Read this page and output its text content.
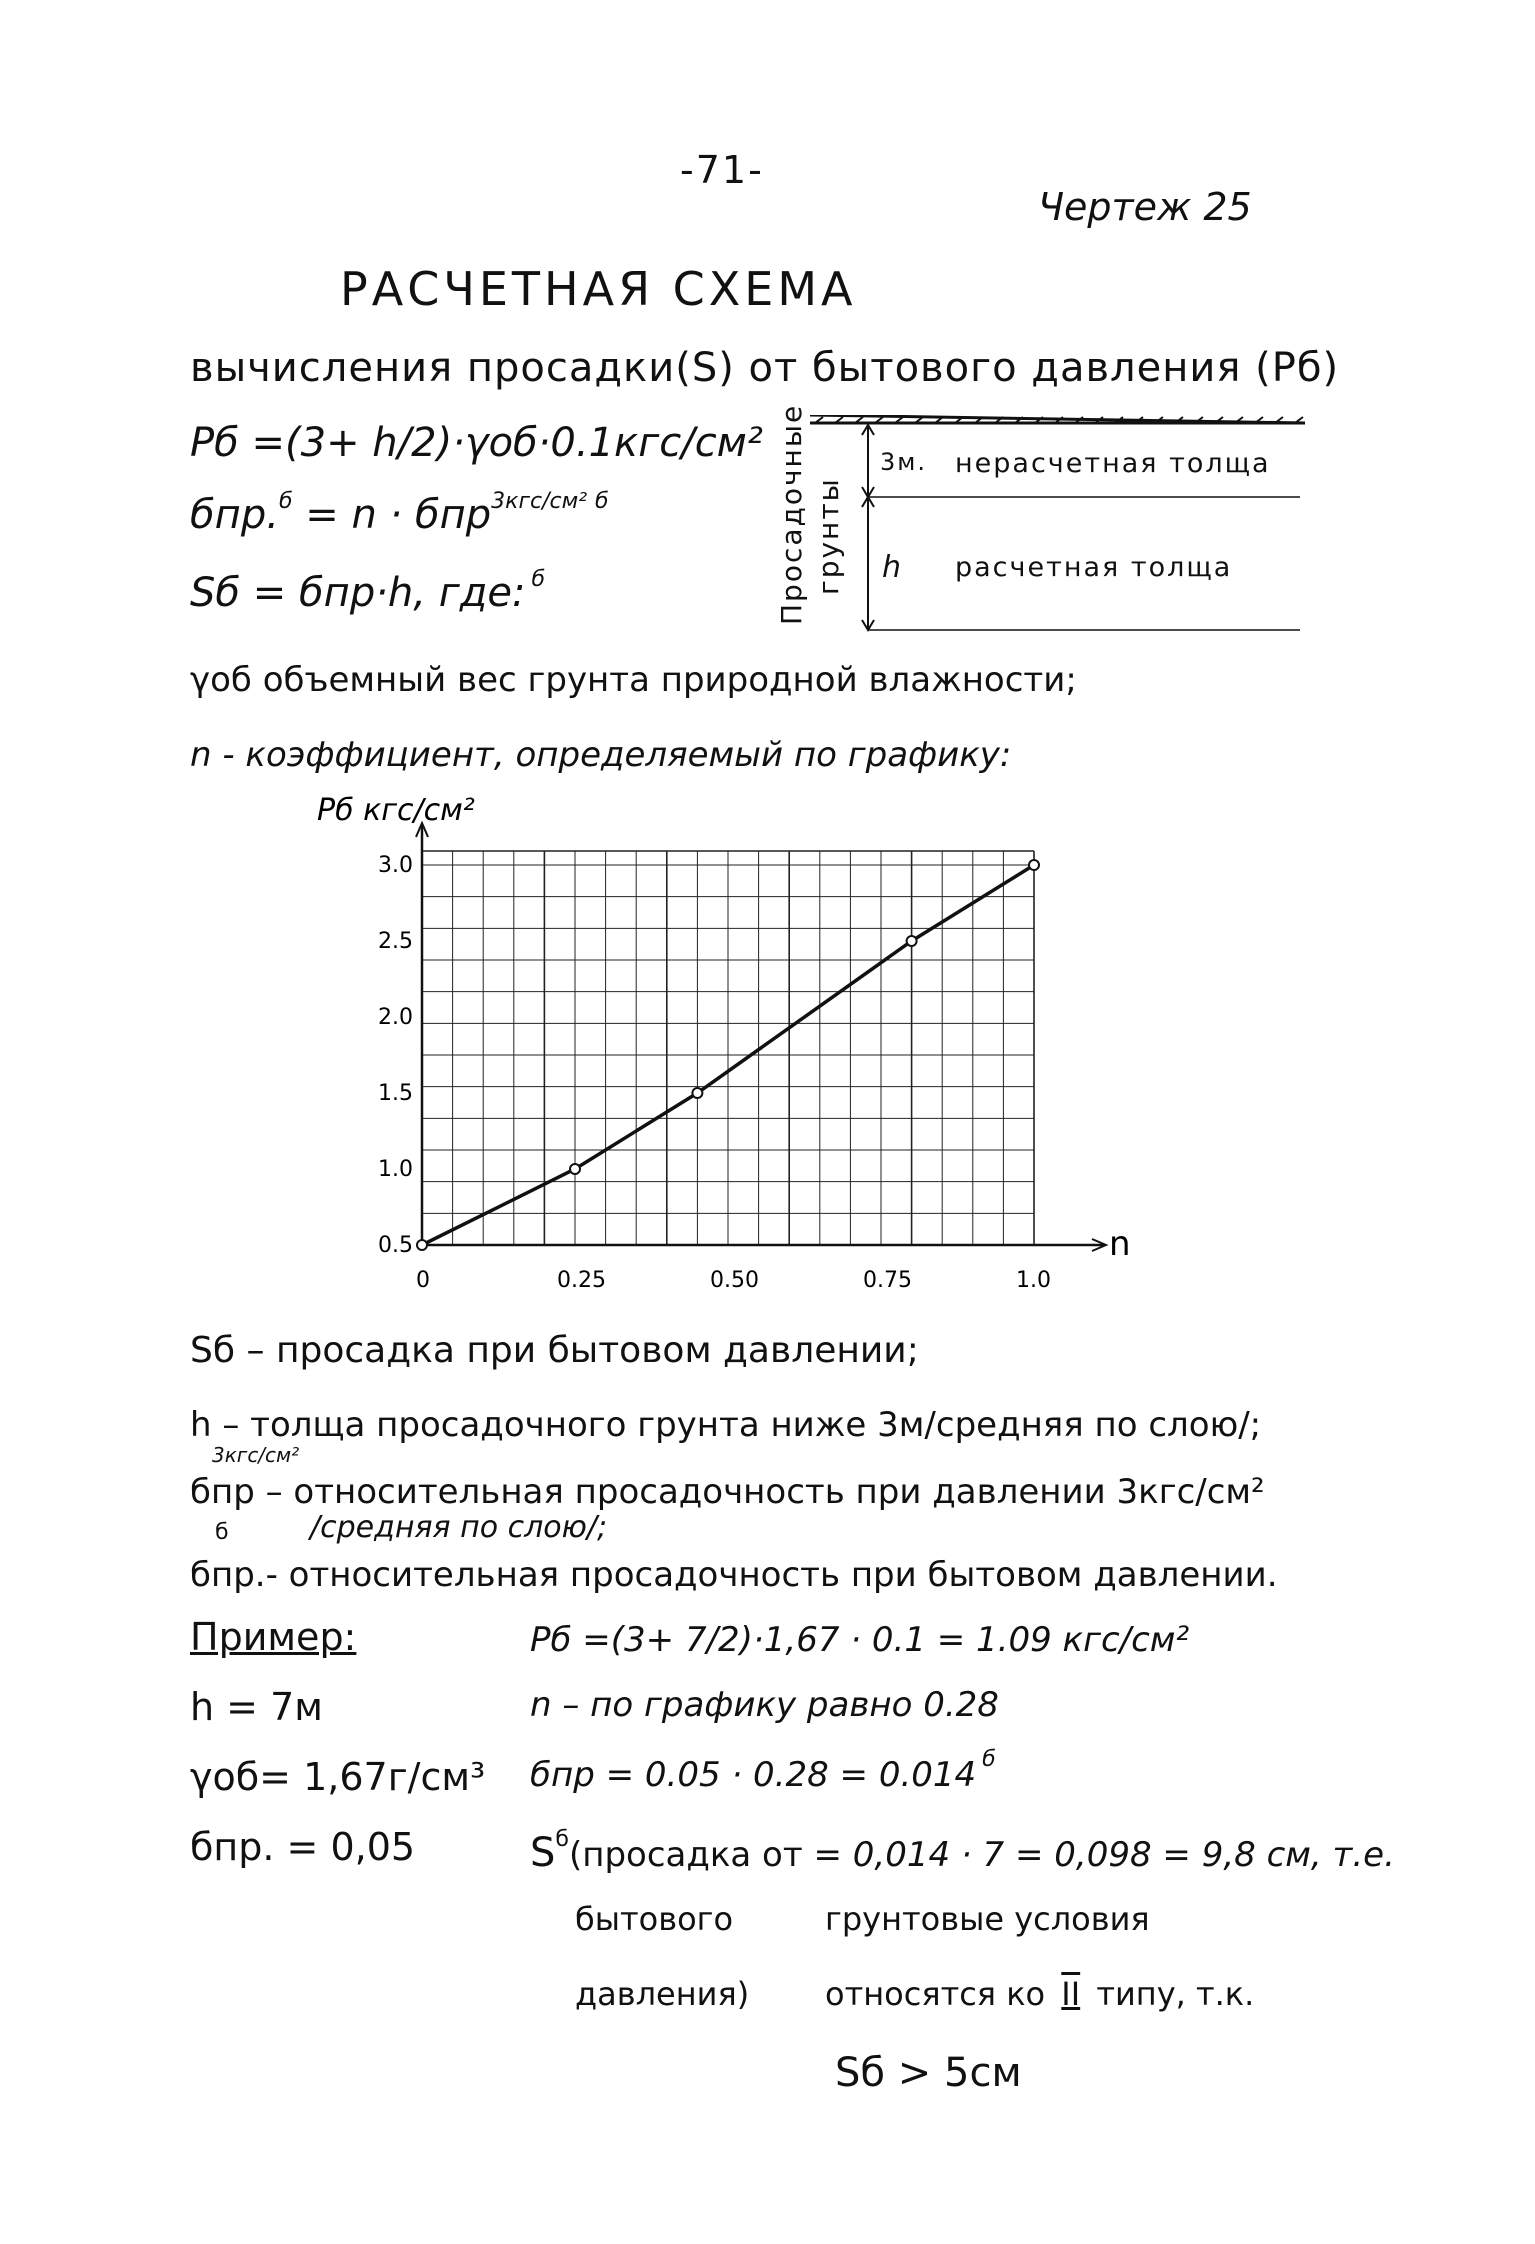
-71-
Чертеж 25
РАСЧЕТНАЯ СХЕМА
вычисления просадки(S) от бытового давления (Pб)
Pб =(3+ h/2)·γоб·0.1кгс/см²
бпр.$^б$ = n · бпр$^{3кгс/см^2}$ $^б$
Sб = бпр·h, где: $^б$	Просадочные грунты
3м. нерасчетная толща
h расчетная толща
γоб объемный вес грунта природной влажности;
n - коэффициент, определяемый по графику:
Pб кгс/см²
n
0	0.25	0.50	0.75	1.0
0.5
1.0
1.5
2.0
2.5
3.0
Sб – просадка при бытовом давлении;
h – толща просадочного грунта ниже 3м/средняя по слою/;
3кгс/см²
бпр – относительная просадочность при давлении 3кгс/см²
/средняя по слою/;
б
бпр.- относительная просадочность при бытовом давлении.
Пример:
h = 7м
γоб= 1,67г/см³
бпр. = 0,05
Pб =(3+ 7/2)·1,67 · 0.1 = 1.09 кгс/см²
n – по графику равно 0.28
бпр = 0.05 · 0.28 = 0.014 $^б$
$S^б(просадка$ от = 0,014 · 7 = 0,098 = 9,8 см, т.е.
бытового
давления)
грунтовые условия
относятся ко II типу, т.к.
Sб > 5см
